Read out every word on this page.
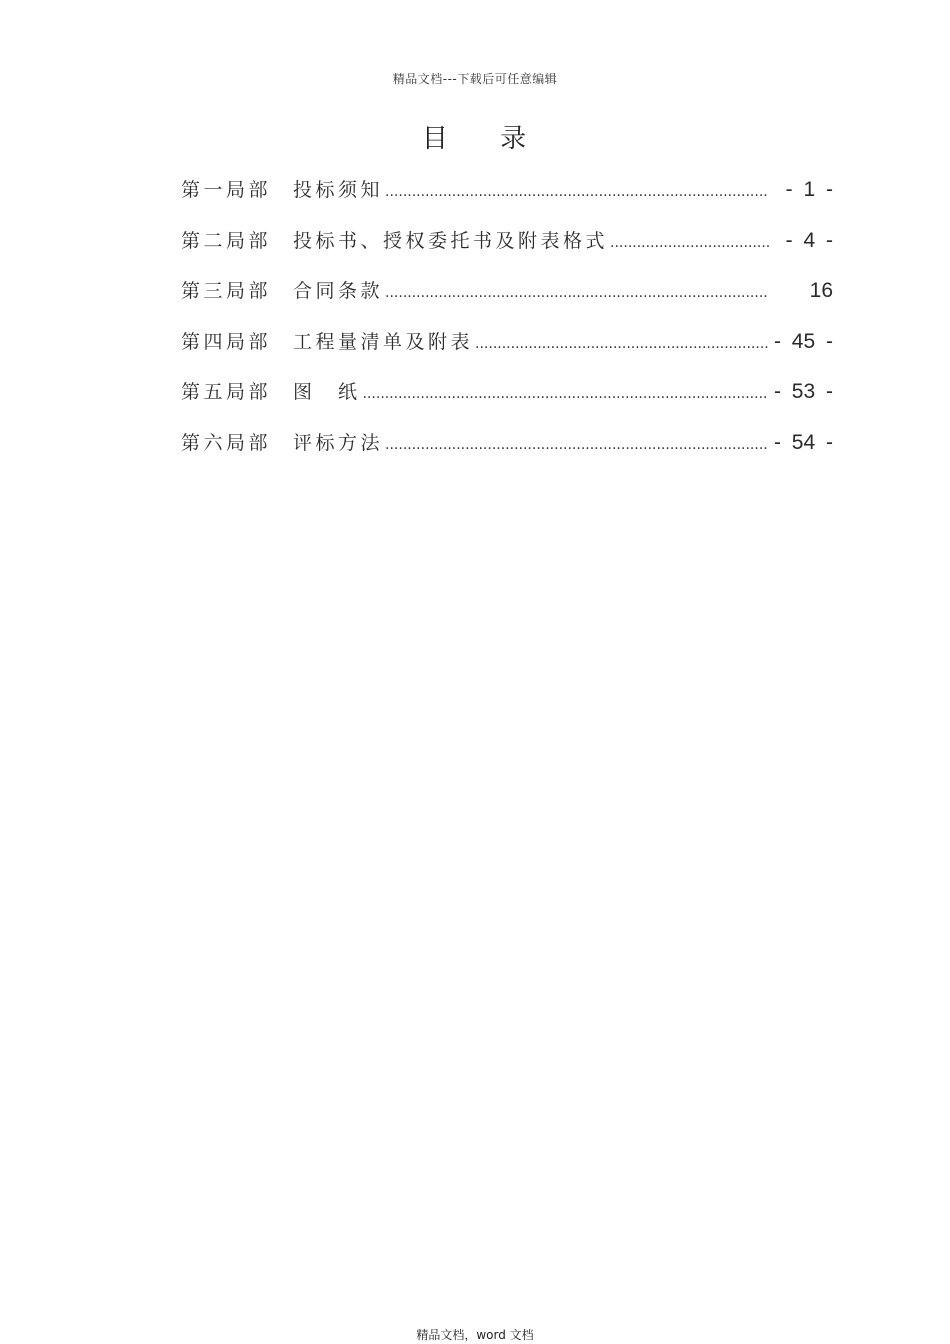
精品文档---下载后可任意编辑
目 录
第一局部	投标须知 .....	- 1 -
第二局部	投标书、授权委托书及附表格式 .....	- 4 -
第三局部	合同条款 .....	16
第四局部	工程量清单及附表 .....	- 45 -
第五局部	图　纸 .....	- 53 -
第六局部	评标方法 .....	- 54 -
精品文档，word 文档
